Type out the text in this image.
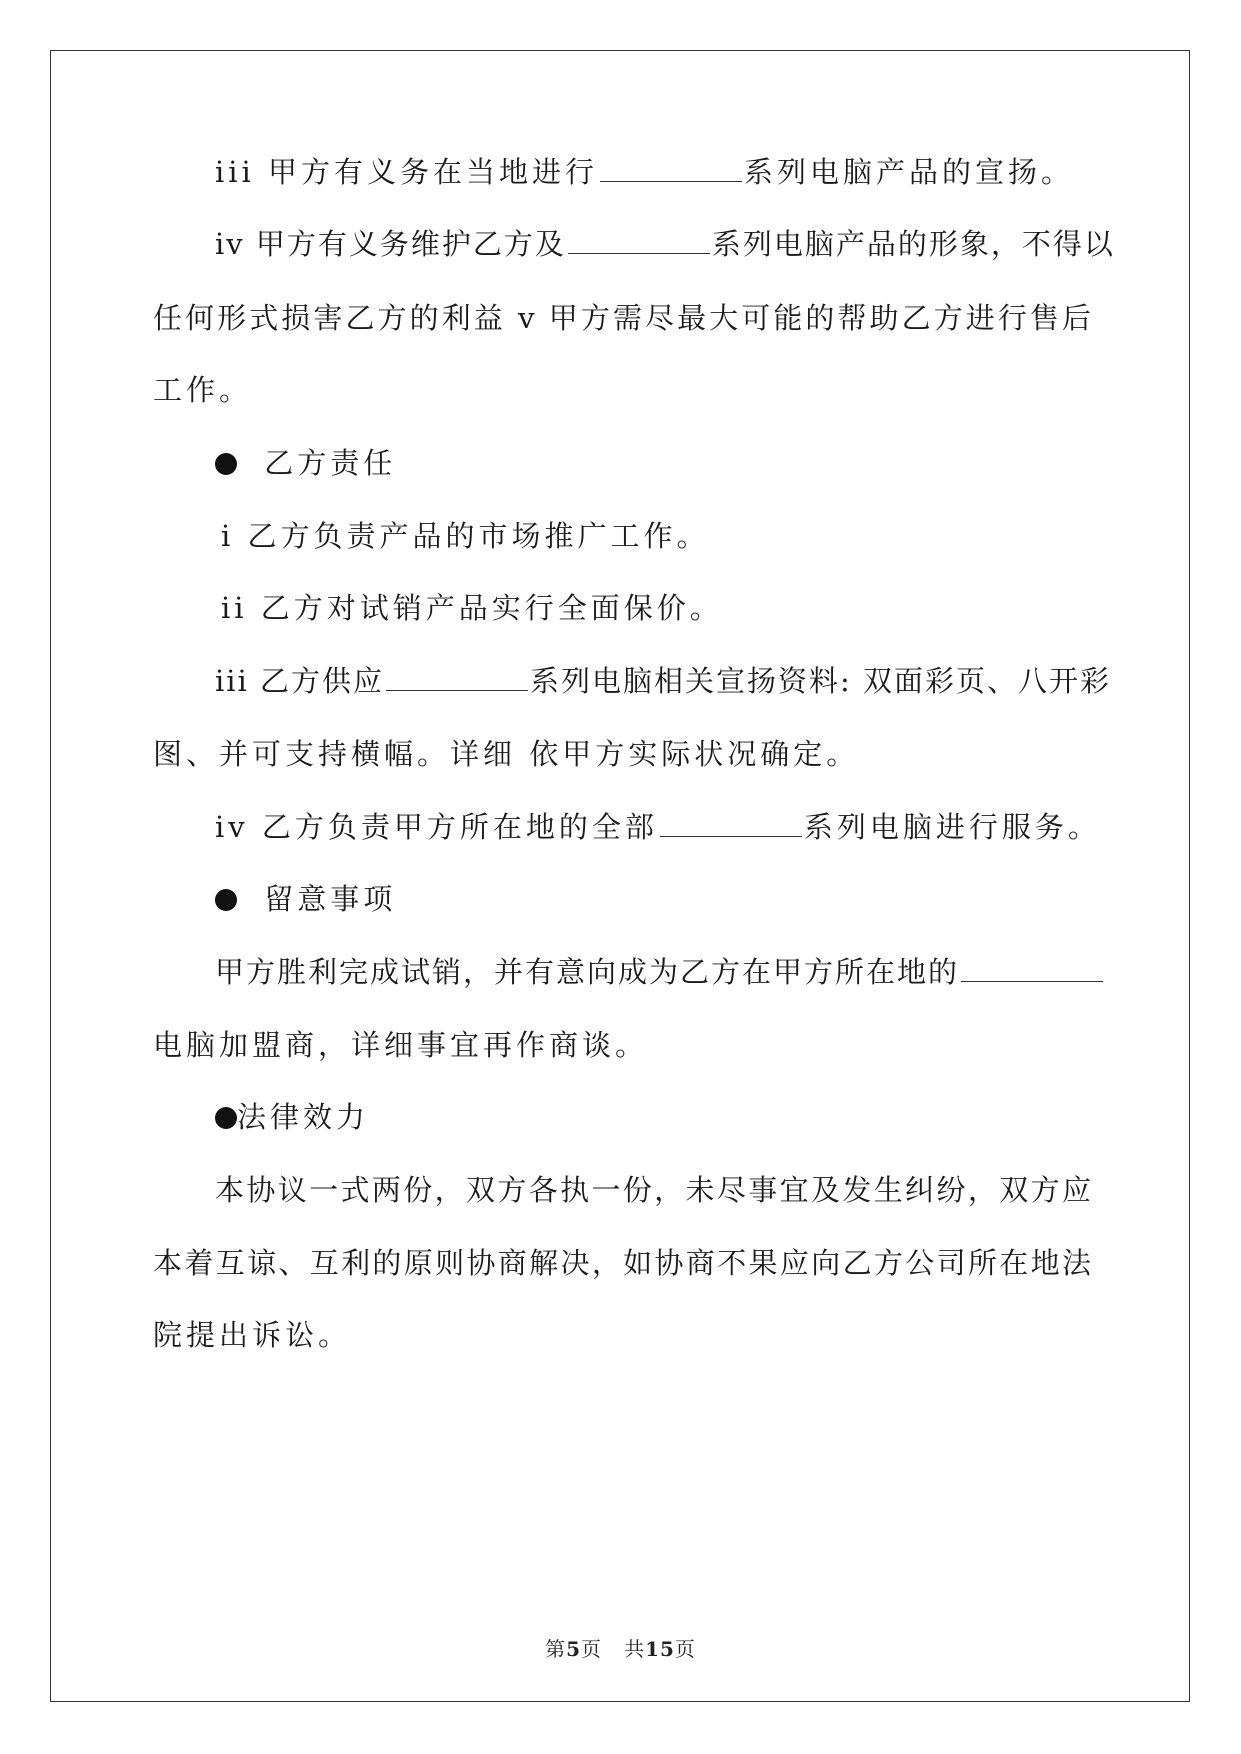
iii 甲方有义务在当地进行	系列电脑产品的宣扬。
iv 甲方有义务维护乙方及	系列电脑产品的形象，不得以
任何形式损害乙方的利益 v 甲方需尽最大可能的帮助乙方进行售后
工作。
乙方责任
i 乙方负责产品的市场推广工作。
ii 乙方对试销产品实行全面保价。
iii 乙方供应	系列电脑相关宣扬资料: 双面彩页、八开彩
图、并可支持横幅。详细 依甲方实际状况确定。
iv 乙方负责甲方所在地的全部	系列电脑进行服务。
留意事项
甲方胜利完成试销，并有意向成为乙方在甲方所在地的
电脑加盟商，详细事宜再作商谈。
法律效力
本协议一式两份，双方各执一份，未尽事宜及发生纠纷，双方应
本着互谅、互利的原则协商解决，如协商不果应向乙方公司所在地法
院提出诉讼。
第5页 共15页
